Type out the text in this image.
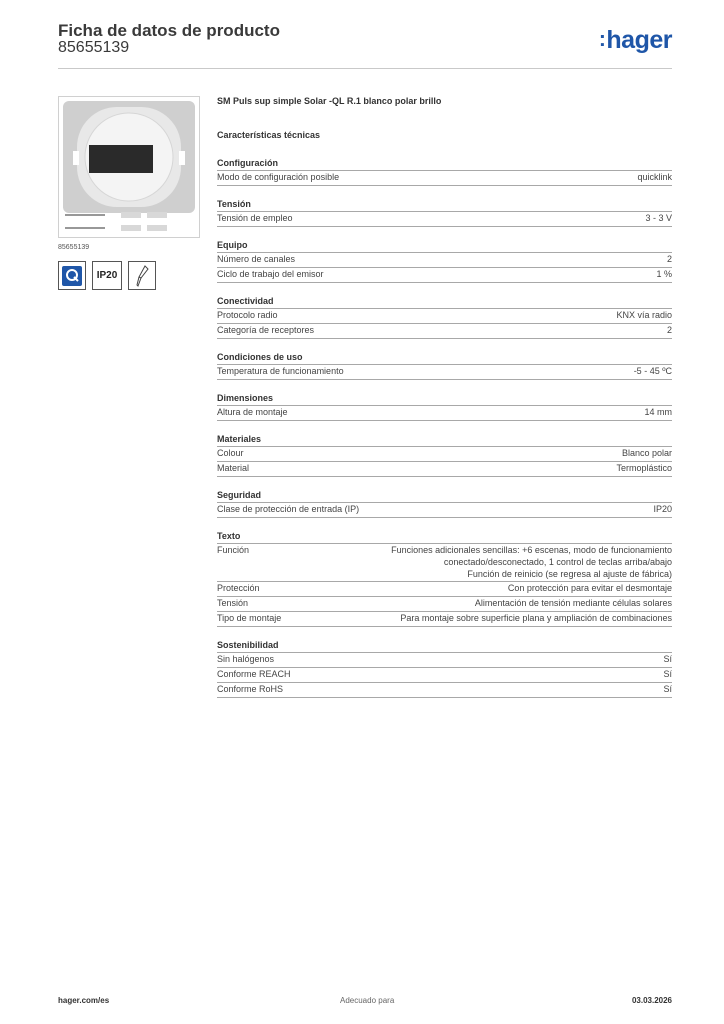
Ficha de datos de producto
85655139	:hager
85655139
IP20
SM Puls sup simple Solar -QL R.1 blanco polar brillo
Características técnicas
Configuración
Modo de configuración posible	quicklink
Tensión
Tensión de empleo	3 - 3 V
Equipo
Número de canales	2
Ciclo de trabajo del emisor	1 %
Conectividad
Protocolo radio	KNX vía radio
Categoría de receptores	2
Condiciones de uso
Temperatura de funcionamiento	-5 - 45 ºC
Dimensiones
Altura de montaje	14 mm
Materiales
Colour	Blanco polar
Material	Termoplástico
Seguridad
Clase de protección de entrada (IP)	IP20
Texto
Función	Funciones adicionales sencillas: +6 escenas, modo de funcionamiento
conectado/desconectado, 1 control de teclas arriba/abajo
Función de reinicio (se regresa al ajuste de fábrica)
Protección	Con protección para evitar el desmontaje
Tensión	Alimentación de tensión mediante células solares
Tipo de montaje	Para montaje sobre superficie plana y ampliación de combinaciones
Sostenibilidad
Sin halógenos	Sí
Conforme REACH	Sí
Conforme RoHS	Sí
hager.com/es	Adecuado para	03.03.2026
